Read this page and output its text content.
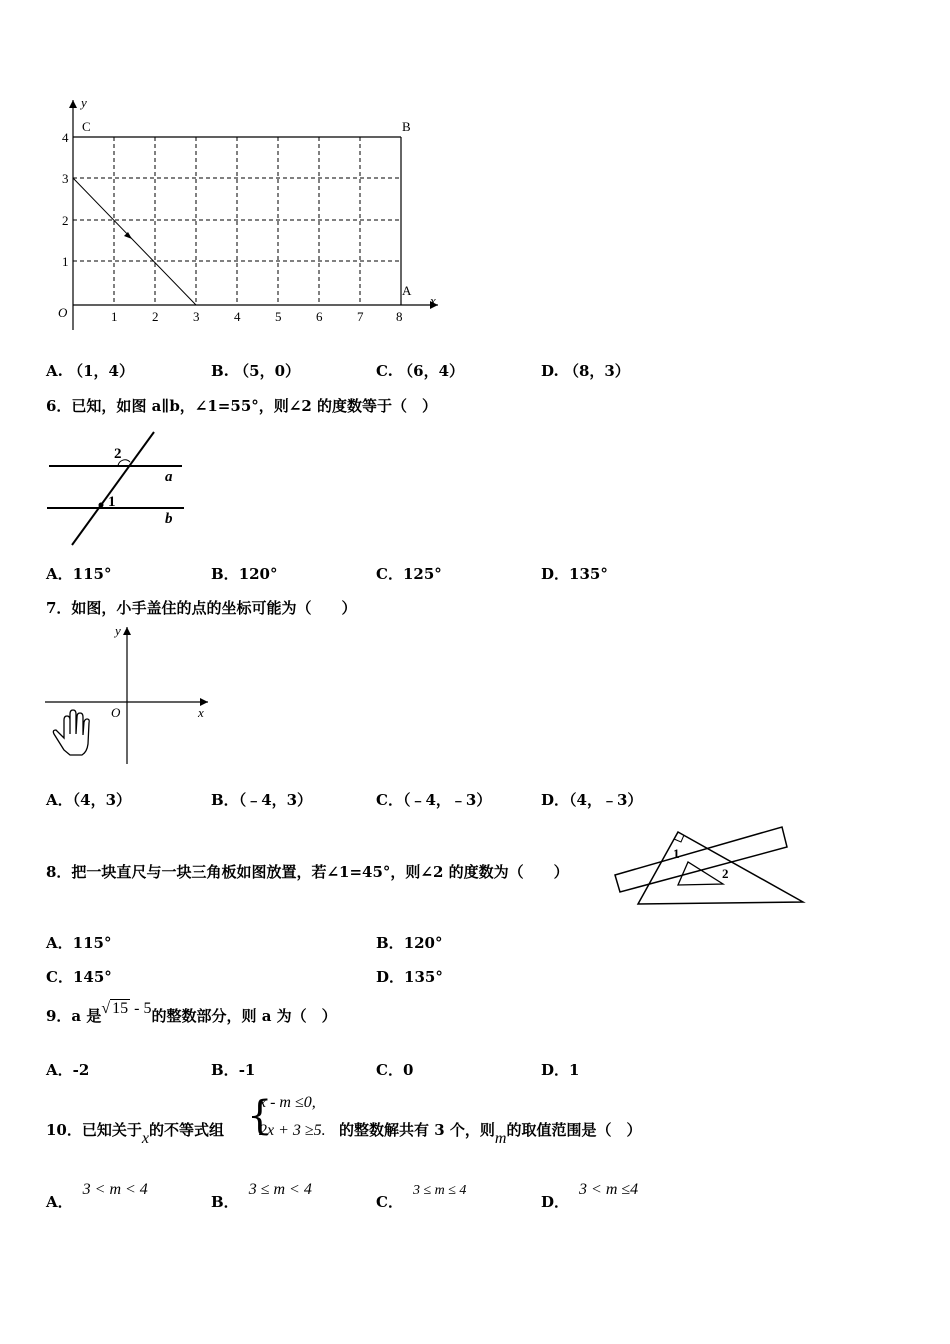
1	2	3	4	5	6	7	8
1
2
3
4
O
x
y
C	B
A
A. （1，4）	B. （5，0）	C. （6，4）	D. （8，3）
6．已知，如图 a∥b，∠1=55°，则∠2 的度数等于（　）
2
1
a
b
A．115°	B．120°	C．125°	D．135°
7．如图，小手盖住的点的坐标可能为（　　）
O	x
y
A．（4，3）	B．（﹣4，3）	C．（﹣4，﹣3）	D．（4，﹣3）
8．把一块直尺与一块三角板如图放置，若∠1=45°，则∠2 的度数为（　　）
1
2
A．115°	B．120°
C．145°	D．135°
9．a 是√ 15 - 5的整数部分，则 a 为（　）
A．-2	B．-1	C．0	D．1
10．已知关于x的不等式组 {
x - m ≤0,
2x + 3 ≥5. 的整数解共有 3 个，则m的取值范围是（　）
A．3 < m < 4
B．3 ≤ m < 4
C．3 ≤ m ≤ 4
D．3 < m ≤4
